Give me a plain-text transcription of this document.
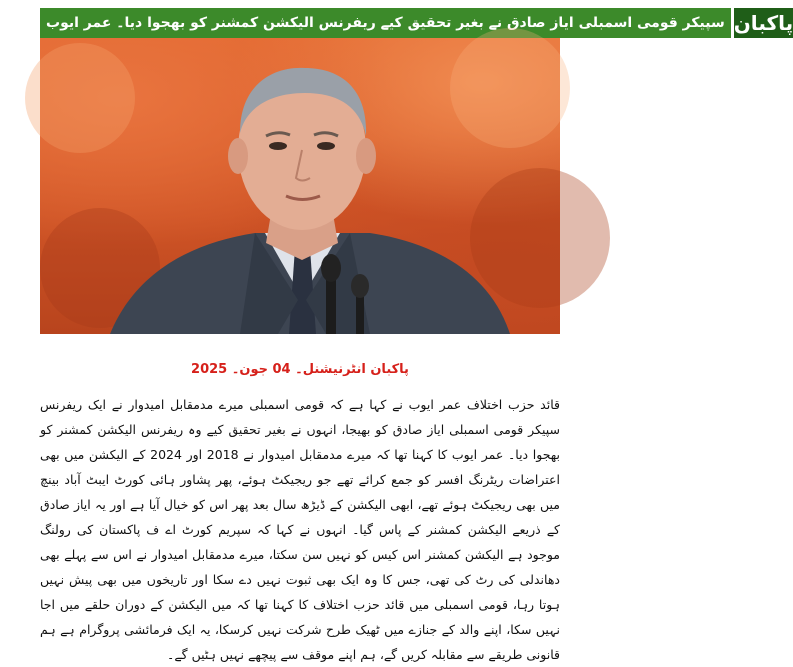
سپیکر قومی اسمبلی ایاز صادق نے بغیر تحقیق کیے ریفرنس الیکشن کمشنر کو بھجوا دیا۔ عمر ایوب پاکبان
پاکبان انٹرنیشنل۔ 04 جون۔ 2025

قائد حزب اختلاف عمر ایوب نے کہا ہے کہ قومی اسمبلی میرے مدمقابل امیدوار نے ایک ریفرنس سپیکر قومی اسمبلی ایاز صادق کو بھیجا، انہوں نے بغیر تحقیق کیے وہ ریفرنس الیکشن کمشنر کو بھجوا دیا۔ عمر ایوب کا کہنا تھا کہ میرے مدمقابل امیدوار نے 2018 اور 2024 کے الیکشن میں بھی اعتراضات ریٹرنگ افسر کو جمع کرائے تھے جو ریجیکٹ ہوئے، پھر پشاور ہائی کورٹ ایبٹ آباد بینچ میں بھی ریجیکٹ ہوئے تھے، ابھی الیکشن کے ڈیڑھ سال بعد پھر اس کو خیال آیا ہے اور یہ ایاز صادق کے ذریعے الیکشن کمشنر کے پاس گیا۔ انہوں نے کہا کہ سپریم کورٹ اے ف پاکستان کی رولنگ موجود ہے الیکشن کمشنر اس کیس کو نہیں سن سکتا، میرے مدمقابل امیدوار نے اس سے پہلے بھی دھاندلی کی رٹ کی تھی، جس کا وہ ایک بھی ثبوت نہیں دے سکا اور تاریخوں میں بھی پیش نہیں ہوتا رہا، قومی اسمبلی میں قائد حزب اختلاف کا کہنا تھا کہ میں الیکشن کے دوران حلقے میں اجا نہیں سکا، اپنے والد کے جنازے میں ٹھیک طرح شرکت نہیں کرسکا، یہ ایک فرمائشی پروگرام ہے ہم قانونی طریقے سے مقابلہ کریں گے، ہم اپنے موقف سے پیچھے نہیں ہٹیں گے۔
